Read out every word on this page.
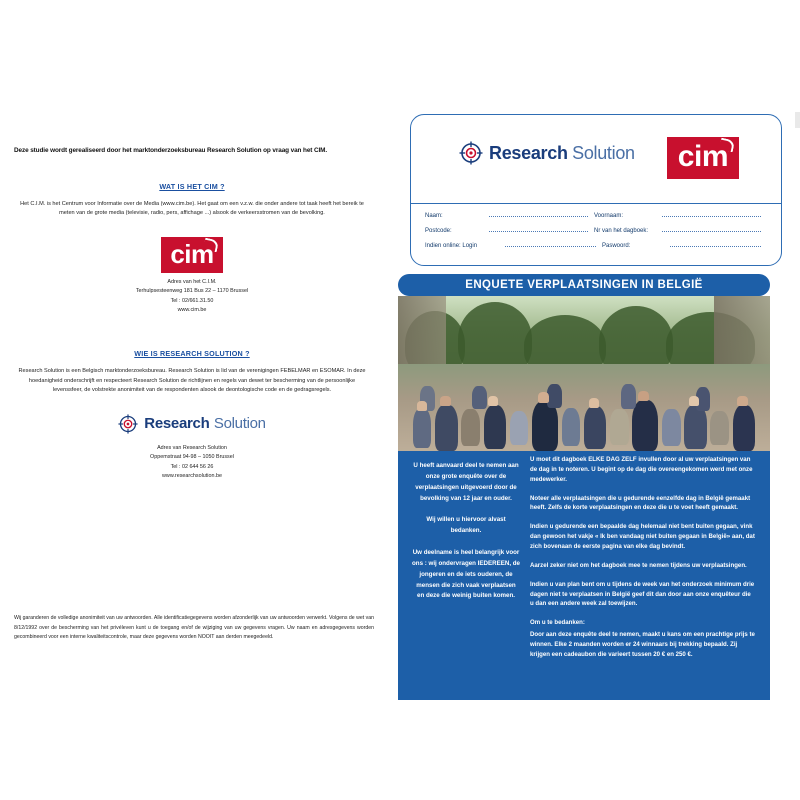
Deze studie wordt gerealiseerd door het marktonderzoeksbureau Research Solution op vraag van het CIM.
WAT IS HET CIM ?
Het C.I.M. is het Centrum voor Informatie over de Media (www.cim.be). Het gaat om een v.z.w. die onder andere tot taak heeft het bereik te meten van de grote media (televisie, radio, pers, affichage ...) alsook de verkeersstromen van de bevolking.
cim
Adres van het C.I.M.
Terhulpsesteenweg 181 Bus 22 – 1170 Brussel
Tel : 02/661.31.50
www.cim.be
WIE IS RESEARCH SOLUTION ?
Research Solution is een Belgisch marktonderzoeksbureau. Research Solution is lid van de verenigingen FEBELMAR en ESOMAR. In deze hoedanigheid onderschrijft en respecteert Research Solution de richtlijnen en regels van dewet ter bescherming van de persoonlijke levenssfeer, de volstrekte anonimiteit van de respondenten alsook de deontologische code en de gedragsregels.
Research Solution
Adres van Research Solution
Oppemstraat 94-98 – 1050 Brussel
Tel : 02 644 56 26
www.researchsolution.be
Wij garanderen de volledige anonimiteit van uw antwoorden. Alle identificatiegegevens worden afzonderlijk van uw antwoorden verwerkt. Volgens de wet van 8/12/1992 over de bescherming van het privéleven kunt u de toegang en/of de wijziging van uw gegevens vragen. Uw naam en adresgegevens worden gecombineerd voor een interne kwaliteitscontrole, maar deze gegevens worden NOOIT aan derden meegedeeld.
Research Solution	cim
Naam:	Voornaam:
Postcode:	Nr van het dagboek:
Indien online: Login	Paswoord:
ENQUETE VERPLAATSINGEN IN BELGIË
U heeft aanvaard deel te nemen aan onze grote enquête over de verplaatsingen uitgevoerd door de bevolking van 12 jaar en ouder.
Wij willen u hiervoor alvast bedanken.
Uw deelname is heel belangrijk voor ons : wij ondervragen IEDEREEN, de jongeren en de iets ouderen, de mensen die zich vaak verplaatsen en deze die weinig buiten komen.

U moet dit dagboek ELKE DAG ZELF invullen door al uw verplaatsingen van de dag in te noteren. U begint op de dag die overeengekomen werd met onze medewerker.

Noteer alle verplaatsingen die u gedurende eenzelfde dag in België gemaakt heeft. Zelfs de korte verplaatsingen en deze die u te voet heeft gemaakt.

Indien u gedurende een bepaalde dag helemaal niet bent buiten gegaan, vink dan gewoon het vakje « Ik ben vandaag niet buiten gegaan in België» aan, dat zich bovenaan de eerste pagina van elke dag bevindt.

Aarzel zeker niet om het dagboek mee te nemen tijdens uw verplaatsingen.

Indien u van plan bent om u tijdens de week van het onderzoek minimum drie dagen niet te verplaatsen in België geef dit dan door aan onze enquêteur die u dan een andere week zal toewijzen.

Om u te bedanken:

Door aan deze enquête deel te nemen, maakt u kans om een prachtige prijs te winnen. Elke 2 maanden worden er 24 winnaars bij trekking bepaald. Zij krijgen een cadeaubon die varieert tussen 20 € en 250 €.
